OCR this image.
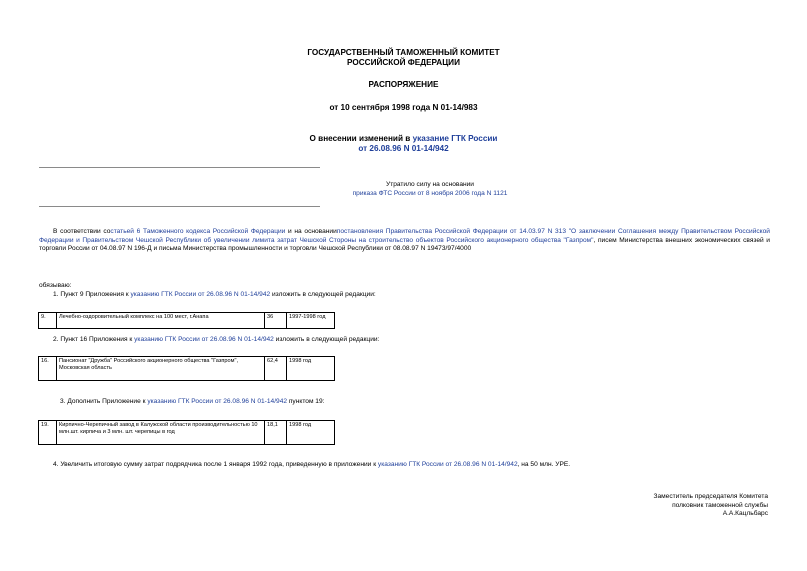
ГОСУДАРСТВЕННЫЙ ТАМОЖЕННЫЙ КОМИТЕТ
РОССИЙСКОЙ ФЕДЕРАЦИИ
РАСПОРЯЖЕНИЕ
от 10 сентября 1998 года N 01-14/983
О внесении изменений в указание ГТК России
от 26.08.96 N 01-14/942
Утратило силу на основании
приказа ФТС России от 8 ноября 2006 года N 1121
В соответствии состатьей 6 Таможенного кодекса Российской Федерации и на основаниипостановления Правительства Российской Федерации от 14.03.97 N 313 "О заключении Соглашения между Правительством Российской Федерации и Правительством Чешской Республики об увеличении лимита затрат Чешской Стороны на строительство объектов Российского акционерного общества "Газпром", писем Министерства внешних экономических связей и торговли России от 04.08.97 N 196-Д и письма Министерства промышленности и торговли Чешской Республики от 08.08.97 N 19473/97/4000
обязываю:
1. Пункт 9 Приложения к указанию ГТК России от 26.08.96 N 01-14/942 изложить в следующей редакции:
9.	Лечебно-оздоровительный комплекс на 100 мест, г.Анапа	36	1997-1998 год
2. Пункт 16 Приложения к указанию ГТК России от 26.08.96 N 01-14/942 изложить в следующей редакции:
16.	Пансионат "Дружба" Российского акционерного общества "Газпром", Московская область	62,4	1998 год
3. Дополнить Приложение к указанию ГТК России от 26.08.96 N 01-14/942 пунктом 19:
19.	Кирпично-Черепичный завод в Калужской области производительностью 10 млн.шт. кирпича и 3 млн. шт. черепицы в год	18,1	1998 год
4. Увеличить итоговую сумму затрат подрядчика после 1 января 1992 года, приведенную в приложении к указанию ГТК России от 26.08.96 N 01-14/942, на 50 млн. УРЕ.
Заместитель председателя Комитета
полковник таможенной службы
А.А.Кацльбарс
